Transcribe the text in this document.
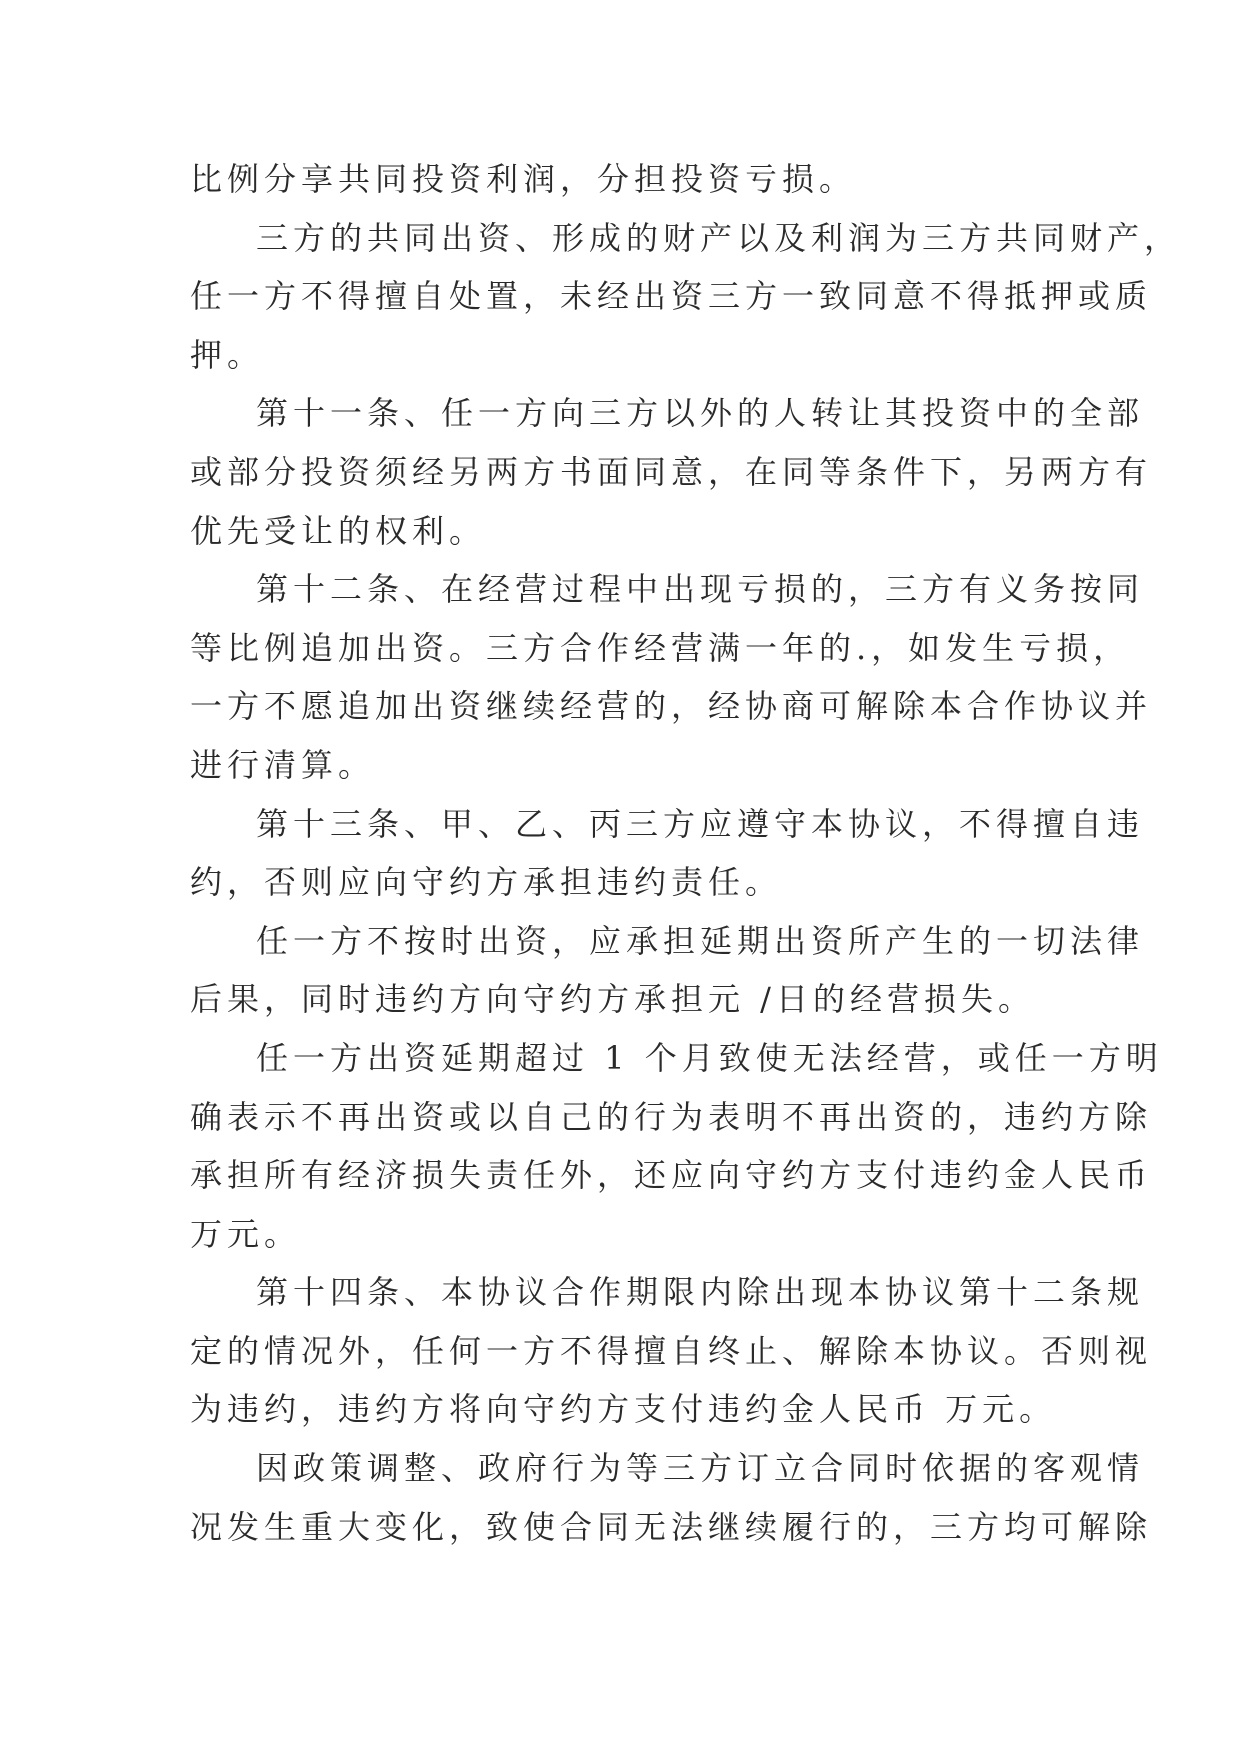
比例分享共同投资利润，分担投资亏损。
三方的共同出资、形成的财产以及利润为三方共同财产，
任一方不得擅自处置，未经出资三方一致同意不得抵押或质
押。
第十一条、任一方向三方以外的人转让其投资中的全部
或部分投资须经另两方书面同意，在同等条件下，另两方有
优先受让的权利。
第十二条、在经营过程中出现亏损的，三方有义务按同
等比例追加出资。三方合作经营满一年的.，如发生亏损，
一方不愿追加出资继续经营的，经协商可解除本合作协议并
进行清算。
第十三条、甲、乙、丙三方应遵守本协议，不得擅自违
约，否则应向守约方承担违约责任。
任一方不按时出资，应承担延期出资所产生的一切法律
后果，同时违约方向守约方承担元 /日的经营损失。
任一方出资延期超过 1 个月致使无法经营，或任一方明
确表示不再出资或以自己的行为表明不再出资的，违约方除
承担所有经济损失责任外，还应向守约方支付违约金人民币
万元。
第十四条、本协议合作期限内除出现本协议第十二条规
定的情况外，任何一方不得擅自终止、解除本协议。否则视
为违约，违约方将向守约方支付违约金人民币 万元。
因政策调整、政府行为等三方订立合同时依据的客观情
况发生重大变化，致使合同无法继续履行的，三方均可解除
